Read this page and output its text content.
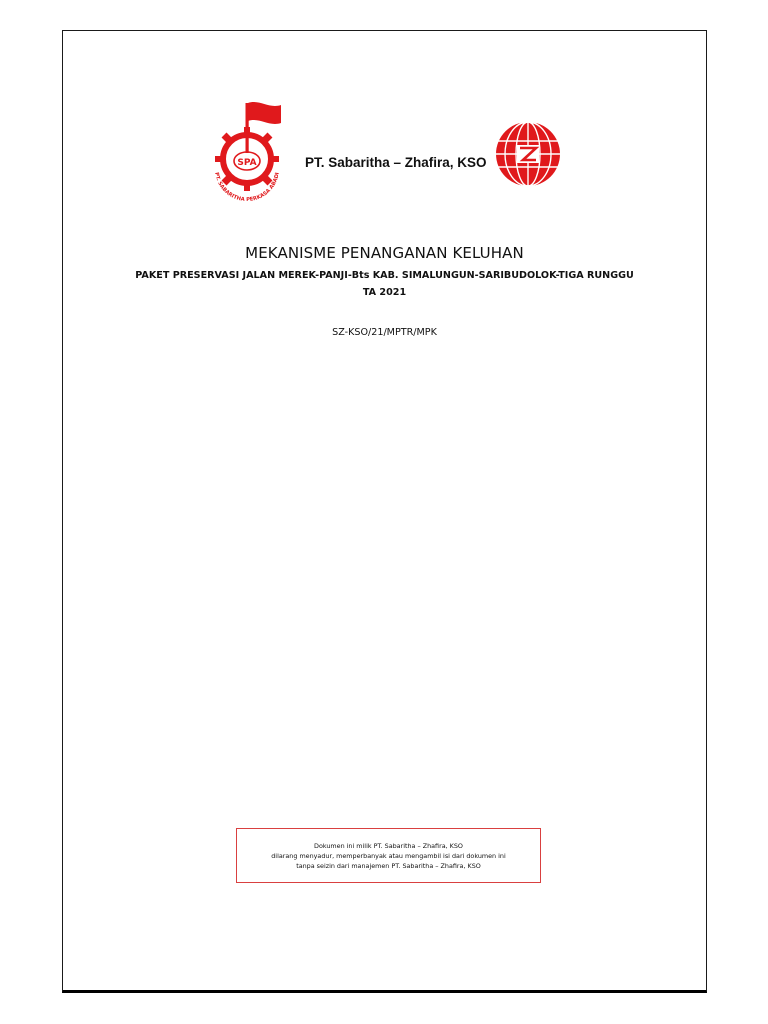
SPA
PT. SABARITHA PERKASA ABADI
PT. Sabaritha – Zhafira, KSO
MEKANISME PENANGANAN KELUHAN
PAKET PRESERVASI JALAN MEREK-PANJI-Bts KAB. SIMALUNGUN-SARIBUDOLOK-TIGA RUNGGU
TA 2021
SZ-KSO/21/MPTR/MPK
Dokumen ini milik PT. Sabaritha – Zhafira, KSO
dilarang menyadur, memperbanyak atau mengambil isi dari dokumen ini
tanpa seizin dari manajemen PT. Sabaritha – Zhafira, KSO
